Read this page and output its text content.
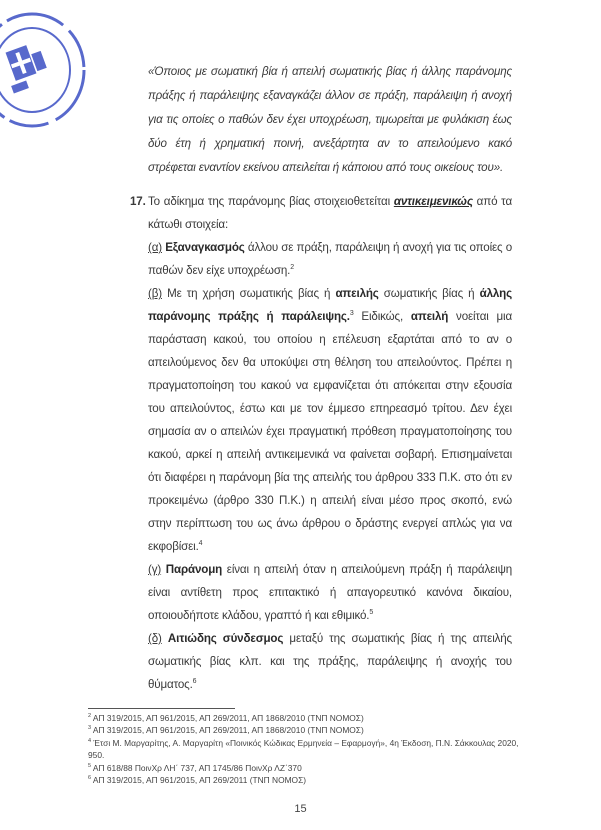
«Όποιος με σωματική βία ή απειλή σωματικής βίας ή άλλης παράνομης πράξης ή παράλειψης εξαναγκάζει άλλον σε πράξη, παράλειψη ή ανοχή για τις οποίες ο παθών δεν έχει υποχρέωση, τιμωρείται με φυλάκιση έως δύο έτη ή χρηματική ποινή, ανεξάρτητα αν το απειλούμενο κακό στρέφεται εναντίον εκείνου απειλείται ή κάποιου από τους οικείους του».
17. Το αδίκημα της παράνομης βίας στοιχειοθετείται αντικειμενικώς από τα κάτωθι στοιχεία:

(α) Εξαναγκασμός άλλου σε πράξη, παράλειψη ή ανοχή για τις οποίες ο παθών δεν είχε υποχρέωση.$^2$

(β) Με τη χρήση σωματικής βίας ή απειλής σωματικής βίας ή άλλης παράνομης πράξης ή παράλειψης.$^3$ Ειδικώς, απειλή νοείται μια παράσταση κακού, του οποίου η επέλευση εξαρτάται από το αν ο απειλούμενος δεν θα υποκύψει στη θέληση του απειλούντος. Πρέπει η πραγματοποίηση του κακού να εμφανίζεται ότι απόκειται στην εξουσία του απειλούντος, έστω και με τον έμμεσο επηρεασμό τρίτου. Δεν έχει σημασία αν ο απειλών έχει πραγματική πρόθεση πραγματοποίησης του κακού, αρκεί η απειλή αντικειμενικά να φαίνεται σοβαρή. Επισημαίνεται ότι διαφέρει η παράνομη βία της απειλής του άρθρου 333 Π.Κ. στο ότι εν προκειμένω (άρθρο 330 Π.Κ.) η απειλή είναι μέσο προς σκοπό, ενώ στην περίπτωση του ως άνω άρθρου ο δράστης ενεργεί απλώς για να εκφοβίσει.$^4$

(γ) Παράνομη είναι η απειλή όταν η απειλούμενη πράξη ή παράλειψη είναι αντίθετη προς επιτακτικό ή απαγορευτικό κανόνα δικαίου, οποιουδήποτε κλάδου, γραπτό ή και εθιμικό.$^5$

(δ) Αιτιώδης σύνδεσμος μεταξύ της σωματικής βίας ή της απειλής σωματικής βίας κλπ. και της πράξης, παράλειψης ή ανοχής του θύματος.$^6$

$^2$ ΑΠ 319/2015, ΑΠ 961/2015, ΑΠ 269/2011, ΑΠ 1868/2010 (ΤΝΠ ΝΟΜΟΣ)
$^3$ ΑΠ 319/2015, ΑΠ 961/2015, ΑΠ 269/2011, ΑΠ 1868/2010 (ΤΝΠ ΝΟΜΟΣ)
$^4$ Έτσι Μ. Μαργαρίτης, Α. Μαργαρίτη «Ποινικός Κώδικας Ερμηνεία – Εφαρμογή», 4η Έκδοση, Π.Ν. Σάκκουλας 2020, 950.
$^5$ ΑΠ 618/88 ΠοινΧρ ΛΗ΄ 737, ΑΠ 1745/86 ΠοινΧρ ΛΖ΄370
$^6$ ΑΠ 319/2015, ΑΠ 961/2015, ΑΠ 269/2011 (ΤΝΠ ΝΟΜΟΣ)
15
